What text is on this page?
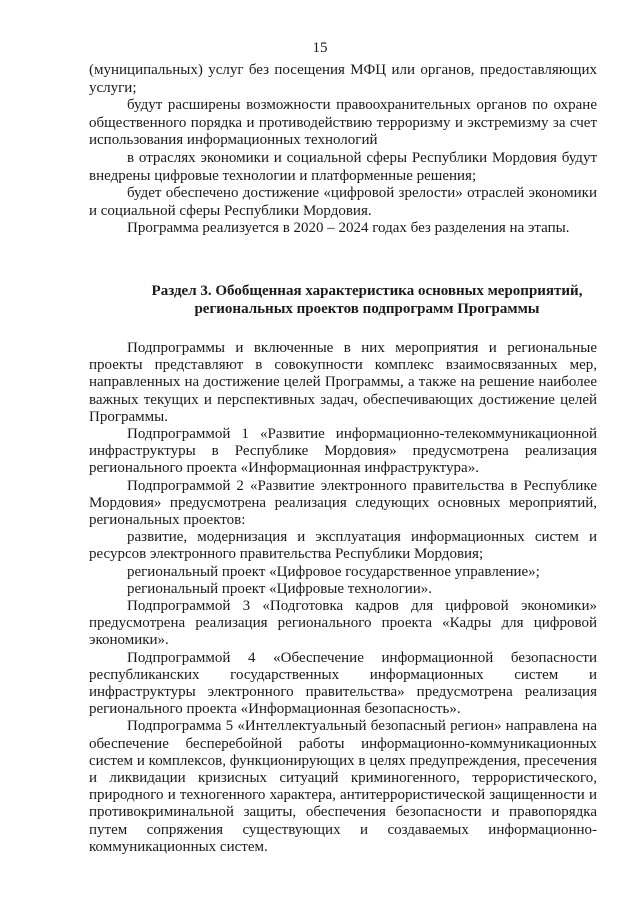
15

(муниципальных) услуг без посещения МФЦ или органов, предоставляющих услуги;

будут расширены возможности правоохранительных органов по охране общественного порядка и противодействию терроризму и экстремизму за счет использования информационных технологий

в отраслях экономики и социальной сферы Республики Мордовия будут внедрены цифровые технологии и платформенные решения;

будет обеспечено достижение «цифровой зрелости» отраслей экономики и социальной сферы Республики Мордовия.

Программа реализуется в 2020 – 2024 годах без разделения на этапы.

Раздел 3. Обобщенная характеристика основных мероприятий, региональных проектов подпрограмм Программы

Подпрограммы и включенные в них мероприятия и региональные проекты представляют в совокупности комплекс взаимосвязанных мер, направленных на достижение целей Программы, а также на решение наиболее важных текущих и перспективных задач, обеспечивающих достижение целей Программы.

Подпрограммой 1 «Развитие информационно-телекоммуникационной инфраструктуры в Республике Мордовия» предусмотрена реализация регионального проекта «Информационная инфраструктура».

Подпрограммой 2 «Развитие электронного правительства в Республике Мордовия» предусмотрена реализация следующих основных мероприятий, региональных проектов:

развитие, модернизация и эксплуатация информационных систем и ресурсов электронного правительства Республики Мордовия;

региональный проект «Цифровое государственное управление»;

региональный проект «Цифровые технологии».

Подпрограммой 3 «Подготовка кадров для цифровой экономики» предусмотрена реализация регионального проекта «Кадры для цифровой экономики».

Подпрограммой 4 «Обеспечение информационной безопасности республиканских государственных информационных систем и инфраструктуры электронного правительства» предусмотрена реализация регионального проекта «Информационная безопасность».

Подпрограмма 5 «Интеллектуальный безопасный регион» направлена на обеспечение бесперебойной работы информационно-коммуникационных систем и комплексов, функционирующих в целях предупреждения, пресечения и ликвидации кризисных ситуаций криминогенного, террористического, природного и техногенного характера, антитеррористической защищенности и противокриминальной защиты, обеспечения безопасности и правопорядка путем сопряжения существующих и создаваемых информационно-коммуникационных систем.
